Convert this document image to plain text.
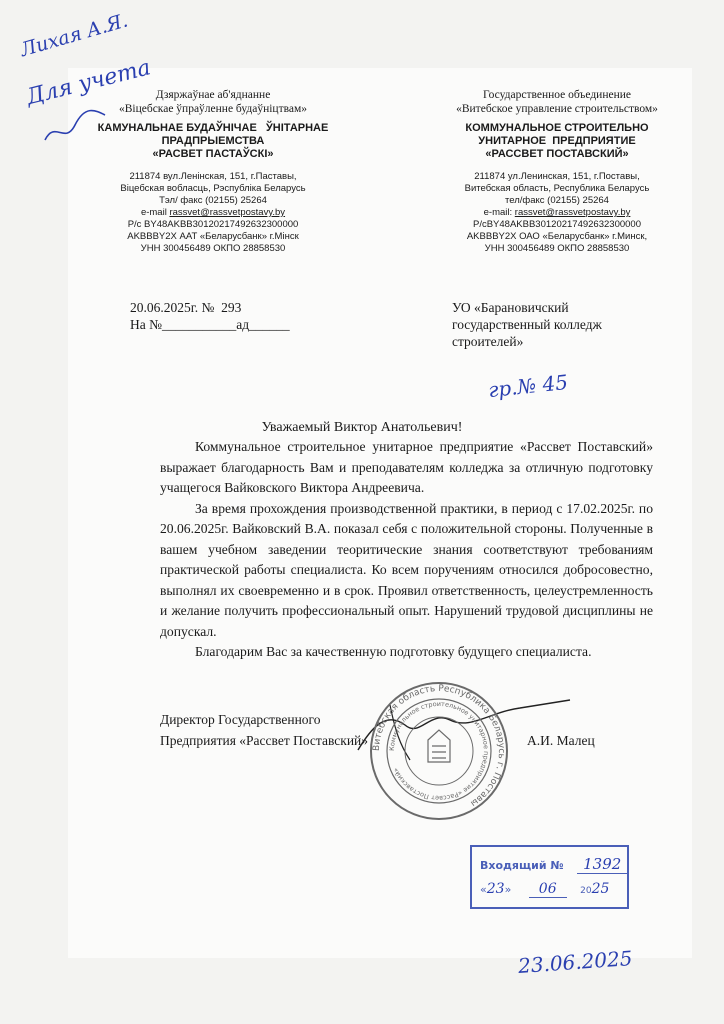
Лихая А.Я.
Для учета Дзяржаўнае аб'яднанне
«Віцебскае ўпраўленне будаўніцтвам»
КАМУНАЛЬНАЕ БУДАЎНІЧАЕ   ЎНІТАРНАЕ
ПРАДПРЫЕМСТВА
«РАСВЕТ ПАСТАЎСКІ»
211874 вул.Ленінская, 151, г.Паставы,
Віцебская вобласць, Рэспубліка Беларусь
Тэл/ факс (02155) 25264
e-mail rassvet@rassvetpostavy.by
Р/с BY48AKBB30120217492632300000
AKBBBY2X ААТ «Беларусбанк» г.Мінск
УНН 300456489 ОКПО 28858530
Государственное объединение
«Витебское управление строительством»
КОММУНАЛЬНОЕ СТРОИТЕЛЬНО
УНИТАРНОЕ  ПРЕДПРИЯТИЕ
«РАССВЕТ ПОСТАВСКИЙ»
211874 ул.Ленинская, 151, г.Поставы,
Витебская область, Республика Беларусь
тел/факс (02155) 25264
e-mail: rassvet@rassvetpostavy.by
Р/сBY48AKBB30120217492632300000
AKBBBY2X ОАО «Беларусбанк» г.Минск,
УНН 300456489 ОКПО 28858530
20.06.2025г. №  293
На №___________ад______
УО «Барановичский
государственный колледж
строителей»
гр.№ 45
Уважаемый Виктор Анатольевич!

Коммунальное строительное унитарное предприятие «Рассвет Поставский» выражает благодарность Вам и преподавателям колледжа за отличную подготовку учащегося Вайковского Виктора Андреевича.

За время прохождения производственной практики, в период с 17.02.2025г. по 20.06.2025г. Вайковский В.А. показал себя с положительной стороны. Полученные в вашем учебном заведении теоритические знания соответствуют требованиям практической работы специалиста. Ко всем поручениям относился добросовестно, выполнял их своевременно и в срок. Проявил ответственность, целеустремленность и желание получить профессиональный опыт. Нарушений трудовой дисциплины не допускал.

Благодарим Вас за качественную подготовку будущего специалиста.

Директор Государственного
Предприятия «Рассвет Поставский»	А.И. Малец
Витебская область Республика Беларусь г. Поставы
Коммунальное строительное унитарное предприятие «Рассвет Поставский»
Входящий № 1392
«23» 06	2025
23.06.2025
